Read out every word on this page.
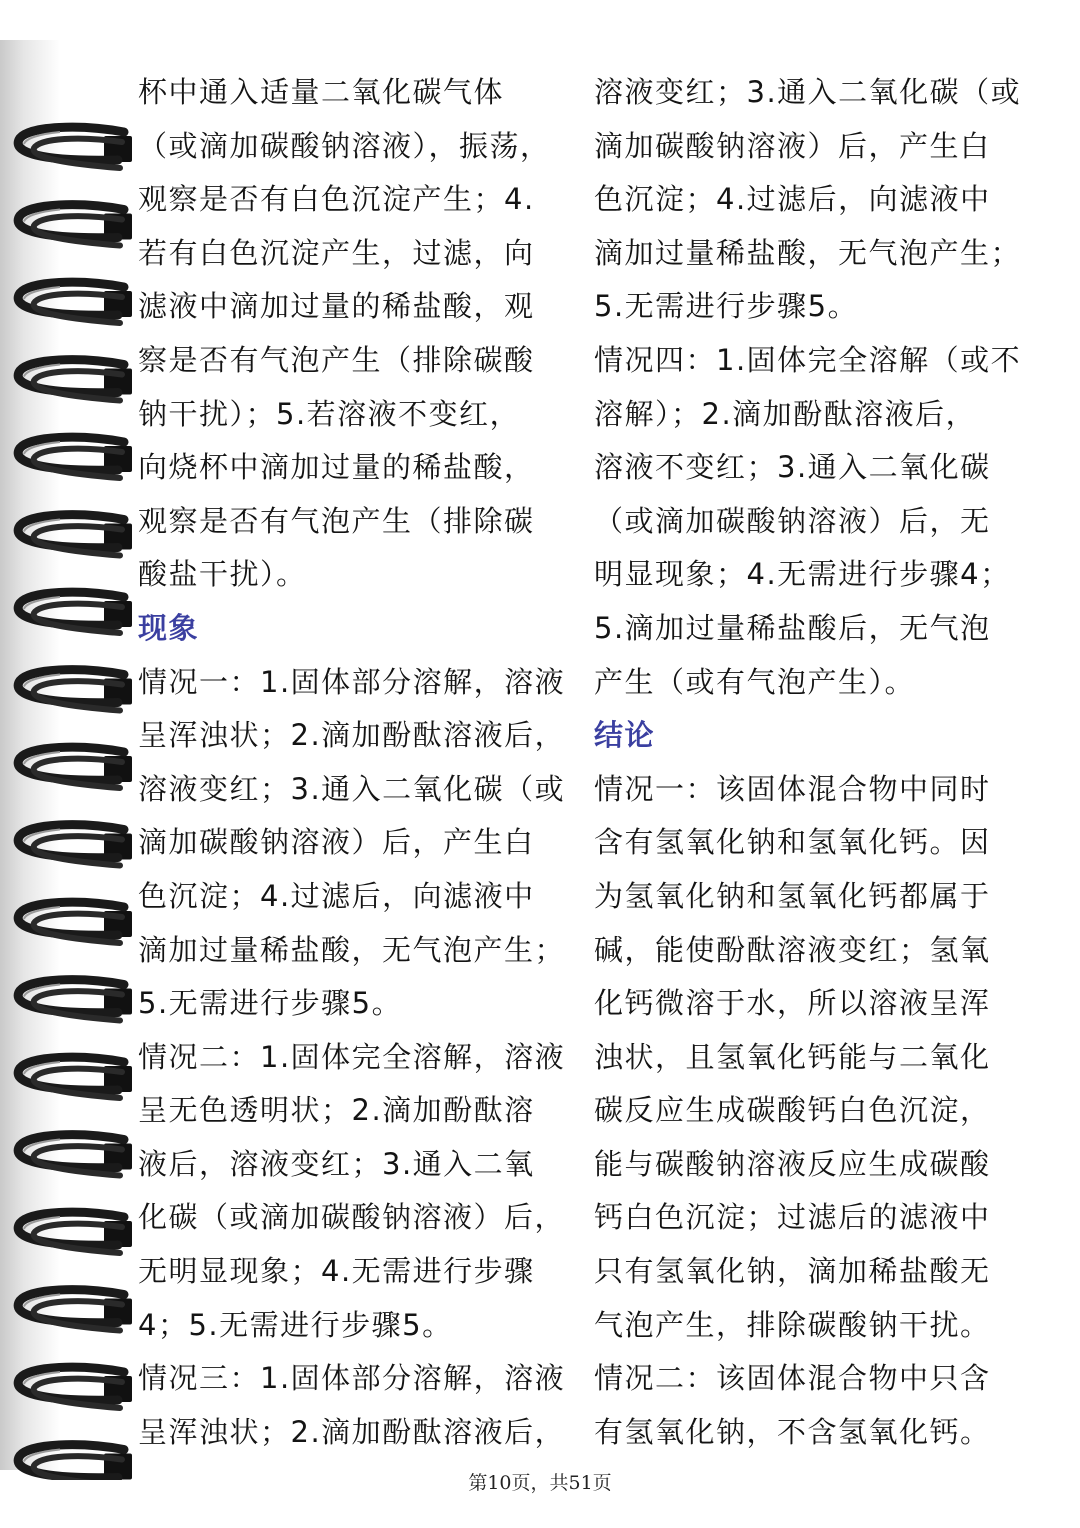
杯中通入适量二氧化碳气体
（或滴加碳酸钠溶液），振荡，
观察是否有白色沉淀产生；4.
若有白色沉淀产生，过滤，向
滤液中滴加过量的稀盐酸，观
察是否有气泡产生（排除碳酸
钠干扰）；5.若溶液不变红，
向烧杯中滴加过量的稀盐酸，
观察是否有气泡产生（排除碳
酸盐干扰）。
现象
情况一：1.固体部分溶解，溶液
呈浑浊状；2.滴加酚酞溶液后，
溶液变红；3.通入二氧化碳（或
滴加碳酸钠溶液）后，产生白
色沉淀；4.过滤后，向滤液中
滴加过量稀盐酸，无气泡产生；
5.无需进行步骤5。
情况二：1.固体完全溶解，溶液
呈无色透明状；2.滴加酚酞溶
液后，溶液变红；3.通入二氧
化碳（或滴加碳酸钠溶液）后，
无明显现象；4.无需进行步骤
4；5.无需进行步骤5。
情况三：1.固体部分溶解，溶液
呈浑浊状；2.滴加酚酞溶液后，
溶液变红；3.通入二氧化碳（或
滴加碳酸钠溶液）后，产生白
色沉淀；4.过滤后，向滤液中
滴加过量稀盐酸，无气泡产生；
5.无需进行步骤5。
情况四：1.固体完全溶解（或不
溶解）；2.滴加酚酞溶液后，
溶液不变红；3.通入二氧化碳
（或滴加碳酸钠溶液）后，无
明显现象；4.无需进行步骤4；
5.滴加过量稀盐酸后，无气泡
产生（或有气泡产生）。
结论
情况一：该固体混合物中同时
含有氢氧化钠和氢氧化钙。因
为氢氧化钠和氢氧化钙都属于
碱，能使酚酞溶液变红；氢氧
化钙微溶于水，所以溶液呈浑
浊状，且氢氧化钙能与二氧化
碳反应生成碳酸钙白色沉淀，
能与碳酸钠溶液反应生成碳酸
钙白色沉淀；过滤后的滤液中
只有氢氧化钠，滴加稀盐酸无
气泡产生，排除碳酸钠干扰。
情况二：该固体混合物中只含
有氢氧化钠，不含氢氧化钙。
第10页，共51页
